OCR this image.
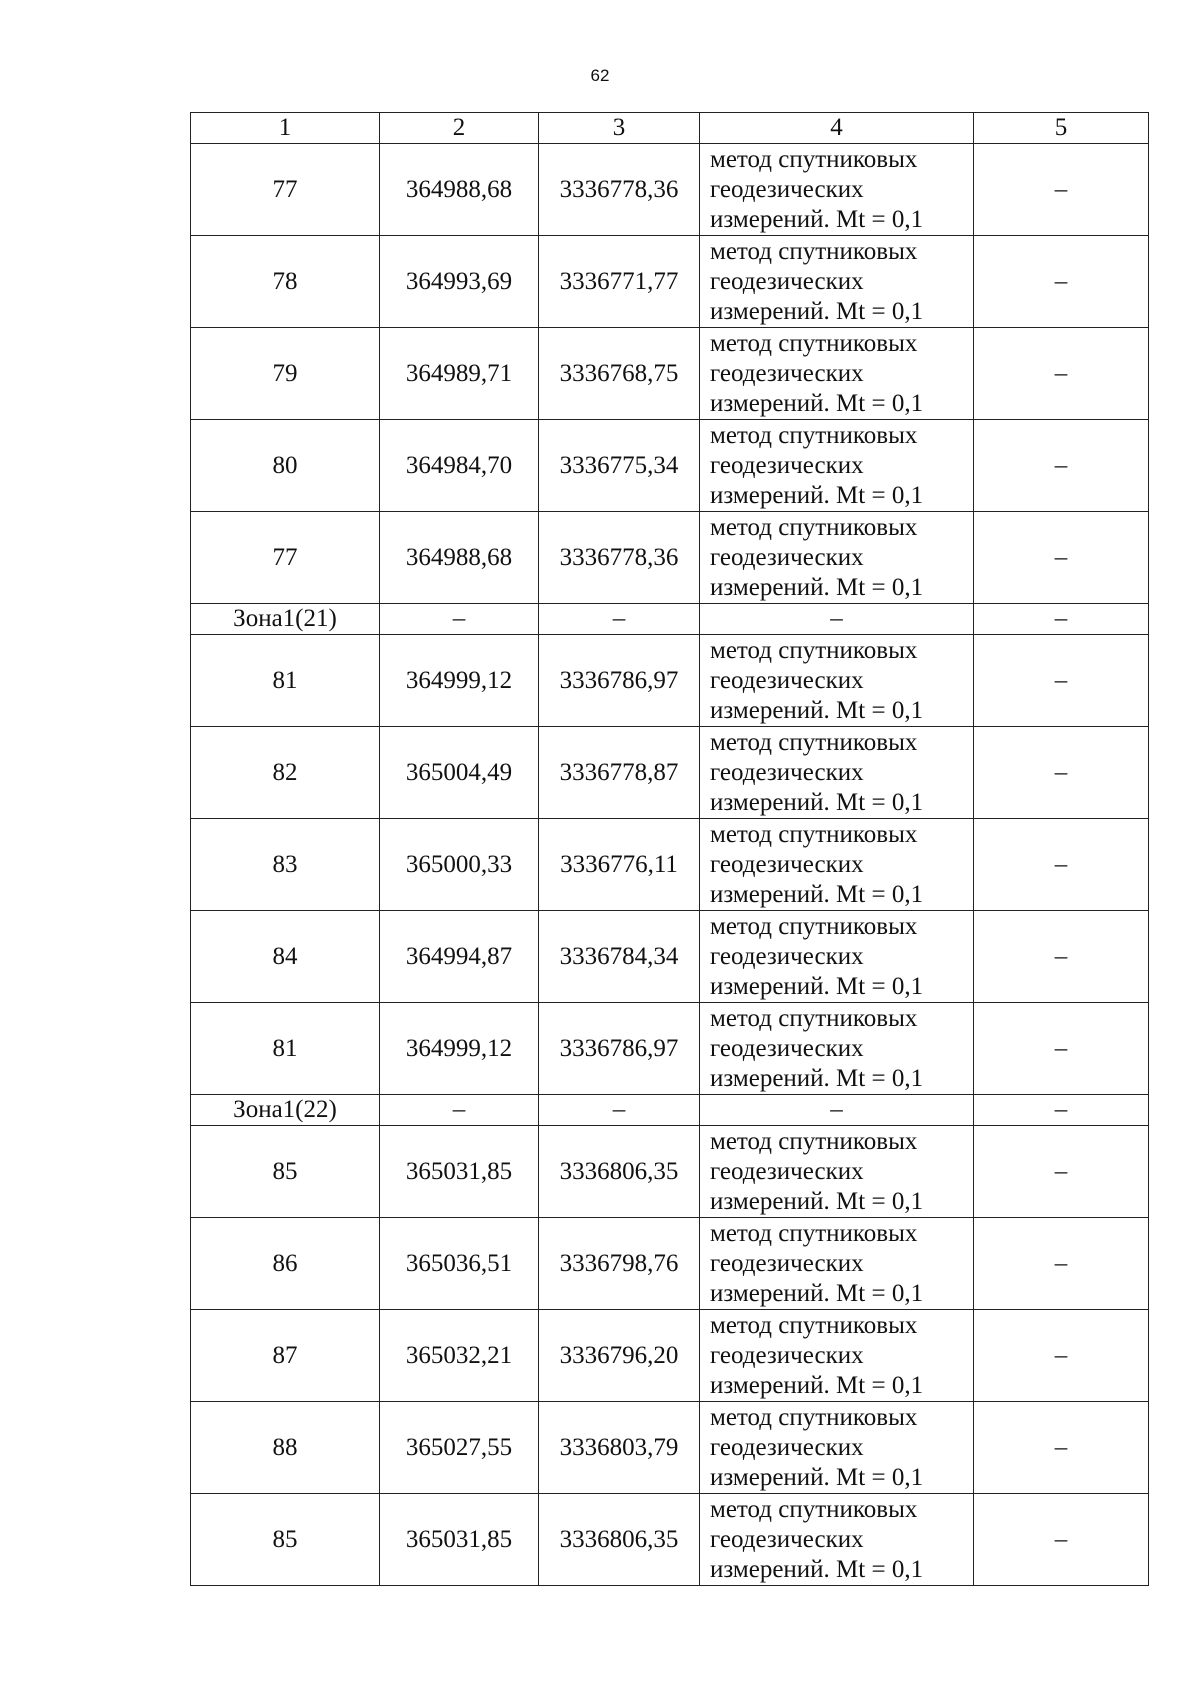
62
1	2	3	4	5
77	364988,68	3336778,36	метод спутниковых
геодезических
измерений. Mt = 0,1	–
78	364993,69	3336771,77	метод спутниковых
геодезических
измерений. Mt = 0,1	–
79	364989,71	3336768,75	метод спутниковых
геодезических
измерений. Mt = 0,1	–
80	364984,70	3336775,34	метод спутниковых
геодезических
измерений. Mt = 0,1	–
77	364988,68	3336778,36	метод спутниковых
геодезических
измерений. Mt = 0,1	–
Зона1(21)	–	–	–	–
81	364999,12	3336786,97	метод спутниковых
геодезических
измерений. Mt = 0,1	–
82	365004,49	3336778,87	метод спутниковых
геодезических
измерений. Mt = 0,1	–
83	365000,33	3336776,11	метод спутниковых
геодезических
измерений. Mt = 0,1	–
84	364994,87	3336784,34	метод спутниковых
геодезических
измерений. Mt = 0,1	–
81	364999,12	3336786,97	метод спутниковых
геодезических
измерений. Mt = 0,1	–
Зона1(22)	–	–	–	–
85	365031,85	3336806,35	метод спутниковых
геодезических
измерений. Mt = 0,1	–
86	365036,51	3336798,76	метод спутниковых
геодезических
измерений. Mt = 0,1	–
87	365032,21	3336796,20	метод спутниковых
геодезических
измерений. Mt = 0,1	–
88	365027,55	3336803,79	метод спутниковых
геодезических
измерений. Mt = 0,1	–
85	365031,85	3336806,35	метод спутниковых
геодезических
измерений. Mt = 0,1	–
